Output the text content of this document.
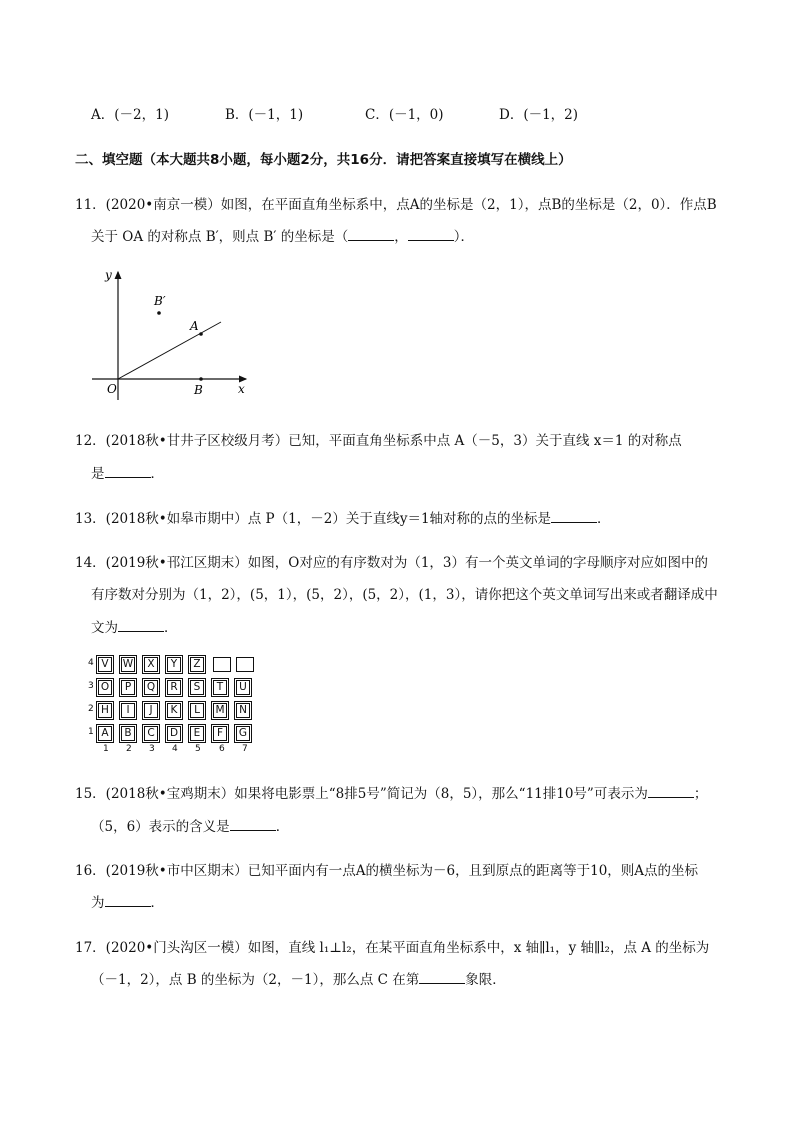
A．(－2，1)	B．(－1，1)	C．(－1，0)	D．(－1，2)
二、填空题（本大题共8小题，每小题2分，共16分．请把答案直接填写在横线上）
11．(2020•南京一模）如图，在平面直角坐标系中，点A的坐标是（2，1），点B的坐标是（2，0）．作点B
关于 OA 的对称点 B′，则点 B′ 的坐标是（	，	）．
y
x
O
A
B
B′
12．(2018秋•甘井子区校级月考）已知，平面直角坐标系中点 A（－5，3）关于直线 x＝1 的对称点
是	．
13．(2018秋•如皋市期中）点 P（1，－2）关于直线y＝1轴对称的点的坐标是	．
14．(2019秋•邗江区期末）如图，O对应的有序数对为（1，3）有一个英文单词的字母顺序对应如图中的
有序数对分别为（1，2），(5，1），(5，2），(5，2），(1，3），请你把这个英文单词写出来或者翻译成中
文为	．
4
3
2
1
V	W	X	Y	Z
O	P	Q	R	S	T	U
H	I	J	K	L	M N
A	B	C	D	E	F	G
1 2 3 4 5 6 7
15．(2018秋•宝鸡期末）如果将电影票上“8排5号”简记为（8，5），那么“11排10号”可表示为	；
（5，6）表示的含义是	．
16．(2019秋•市中区期末）已知平面内有一点A的横坐标为－6，且到原点的距离等于10，则A点的坐标
为	．
17．(2020•门头沟区一模）如图，直线 l₁⊥l₂，在某平面直角坐标系中，x 轴∥l₁，y 轴∥l₂，点 A 的坐标为
（－1，2），点 B 的坐标为（2，－1），那么点 C 在第	象限．
